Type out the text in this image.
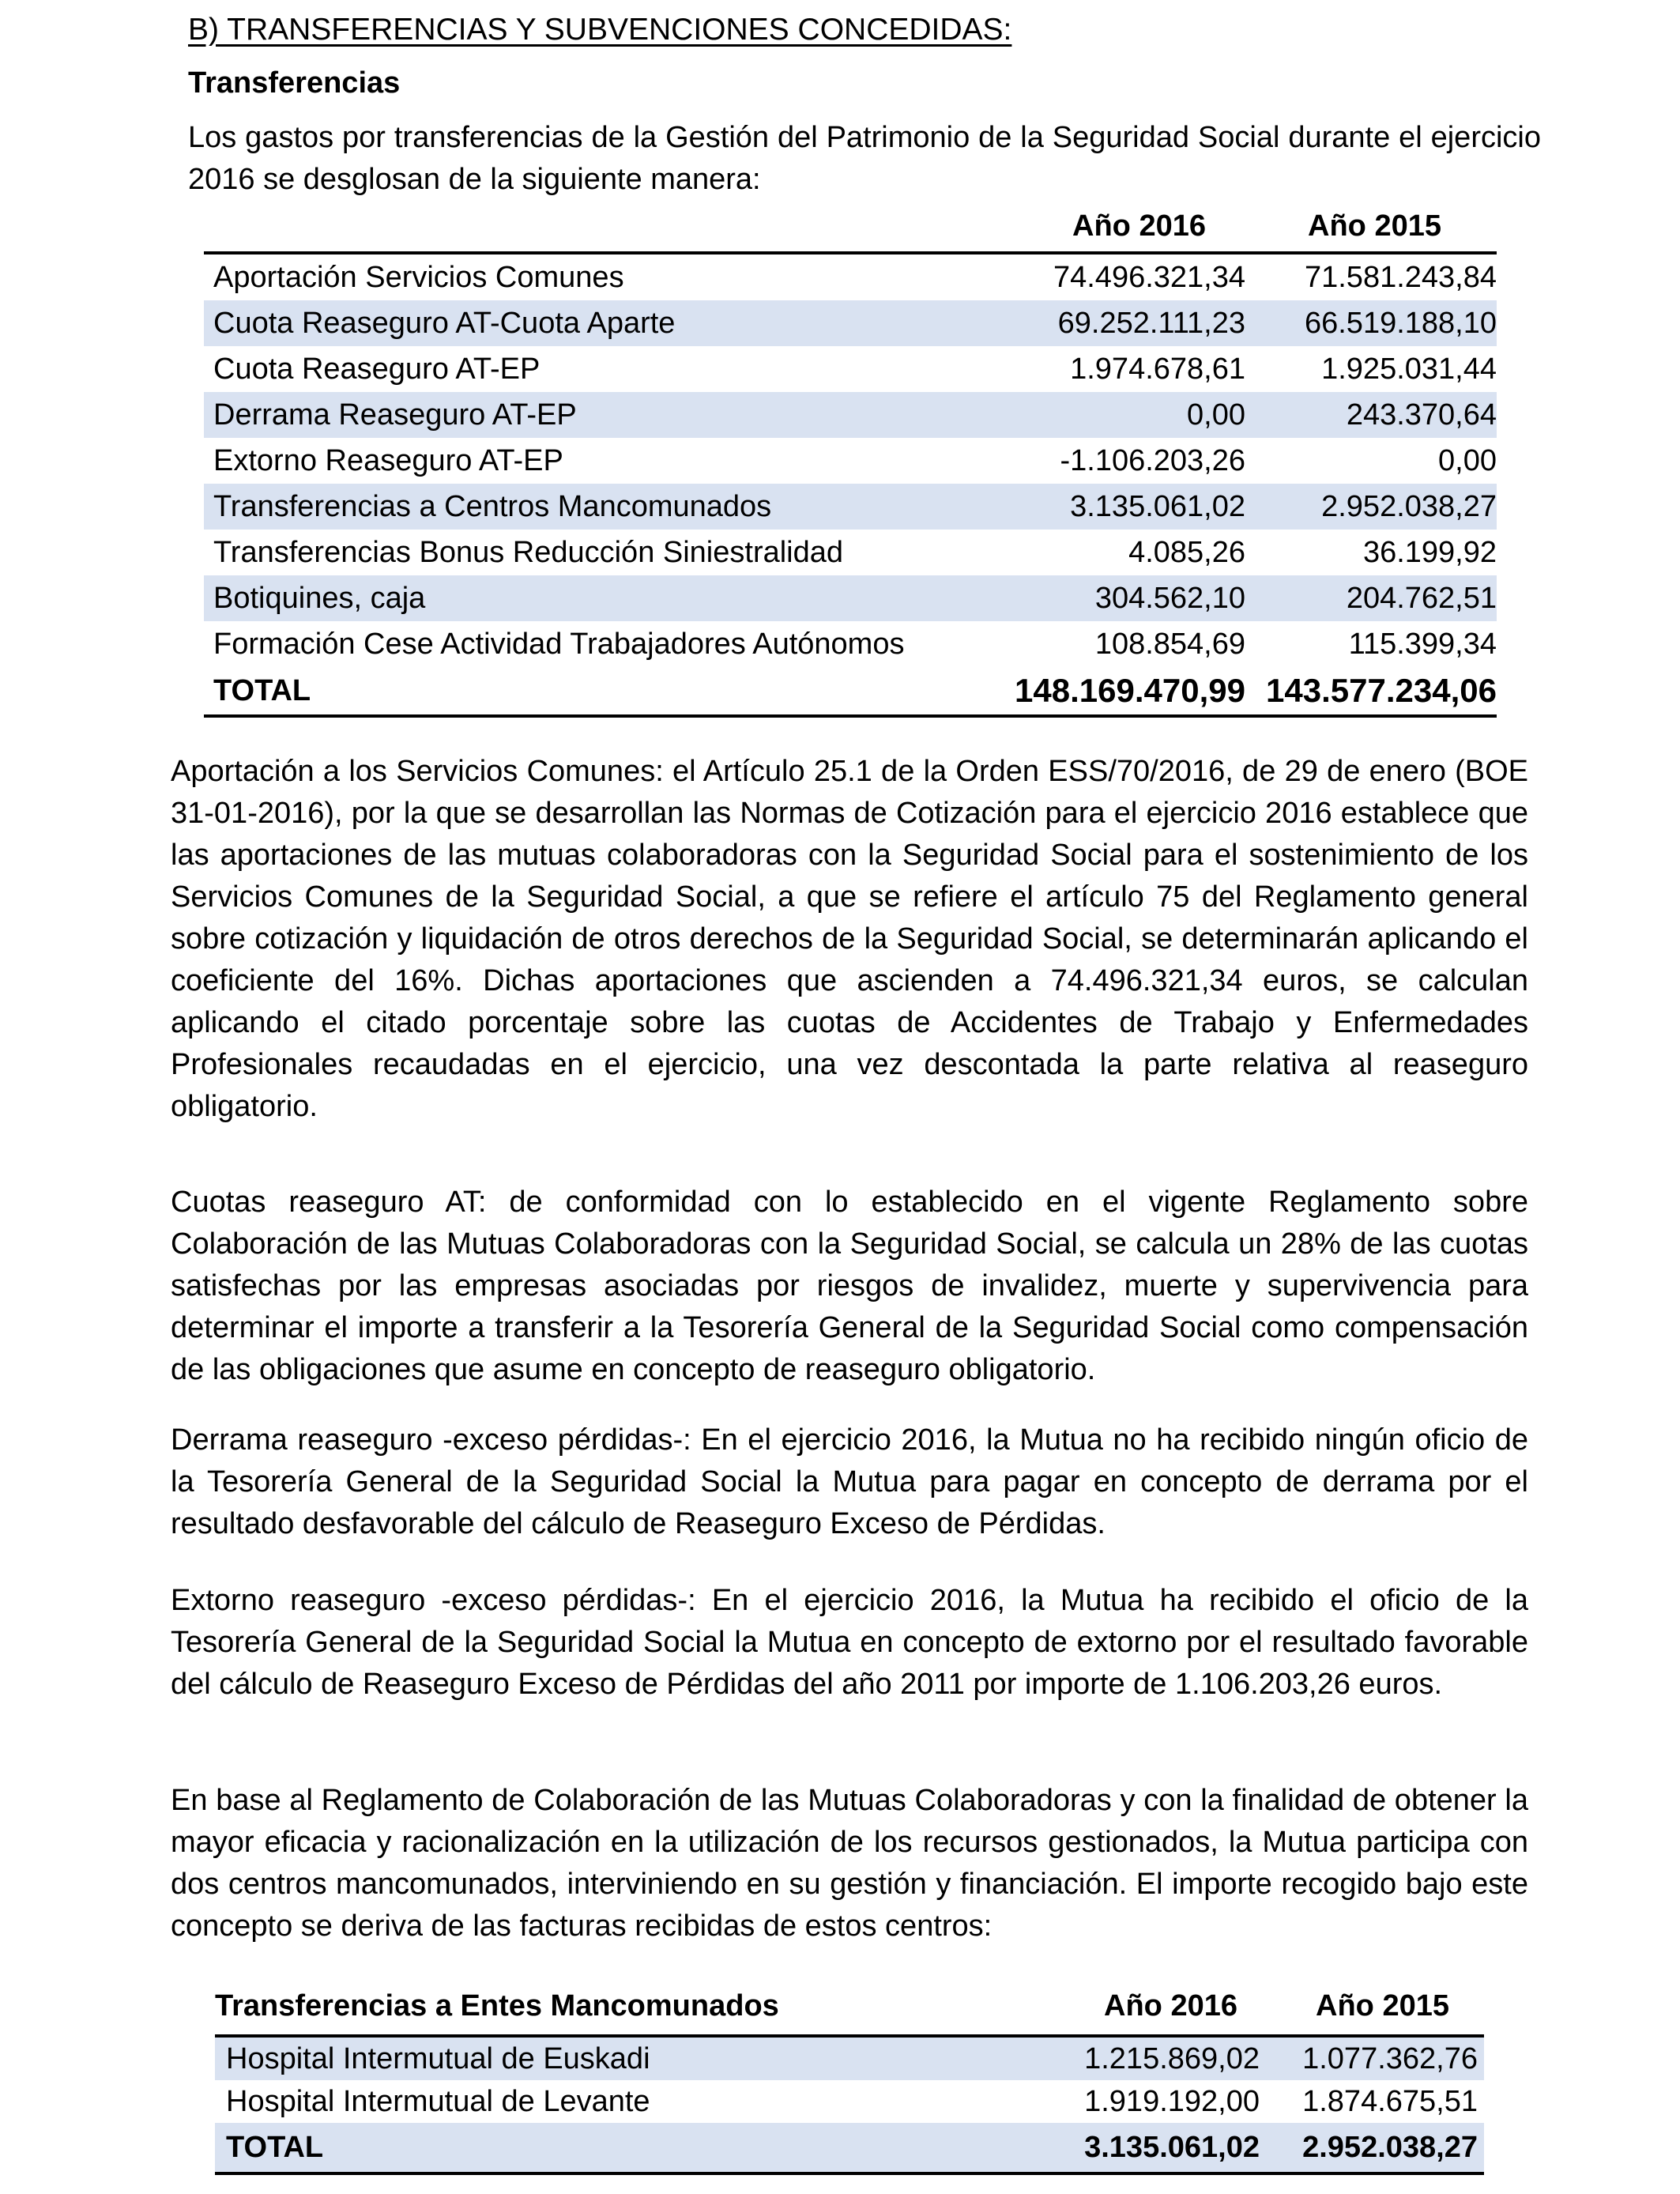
B) TRANSFERENCIAS Y SUBVENCIONES CONCEDIDAS:
Transferencias

Los gastos por transferencias de la Gestión del Patrimonio de la Seguridad Social durante el ejercicio 2016 se desglosan de la siguiente manera:

	Año 2016	Año 2015
Aportación Servicios Comunes	74.496.321,34	71.581.243,84
Cuota Reaseguro AT-Cuota Aparte	69.252.111,23	66.519.188,10
Cuota Reaseguro AT-EP	1.974.678,61	1.925.031,44
Derrama Reaseguro AT-EP	0,00	243.370,64
Extorno Reaseguro AT-EP	-1.106.203,26	0,00
Transferencias a Centros Mancomunados	3.135.061,02	2.952.038,27
Transferencias Bonus Reducción Siniestralidad	4.085,26	36.199,92
Botiquines, caja	304.562,10	204.762,51
Formación Cese Actividad Trabajadores Autónomos	108.854,69	115.399,34
TOTAL	148.169.470,99	143.577.234,06

Aportación a los Servicios Comunes: el Artículo 25.1 de la Orden ESS/70/2016, de 29 de enero (BOE 31-01-2016), por la que se desarrollan las Normas de Cotización para el ejercicio 2016 establece que las aportaciones de las mutuas colaboradoras con la Seguridad Social para el sostenimiento de los Servicios Comunes de la Seguridad Social, a que se refiere el artículo 75 del Reglamento general sobre cotización y liquidación de otros derechos de la Seguridad Social, se determinarán aplicando el coeficiente del 16%. Dichas aportaciones que ascienden a 74.496.321,34 euros, se calculan aplicando el citado porcentaje sobre las cuotas de Accidentes de Trabajo y Enfermedades Profesionales recaudadas en el ejercicio, una vez descontada la parte relativa al reaseguro obligatorio.

Cuotas reaseguro AT: de conformidad con lo establecido en el vigente Reglamento sobre Colaboración de las Mutuas Colaboradoras con la Seguridad Social, se calcula un 28% de las cuotas satisfechas por las empresas asociadas por riesgos de invalidez, muerte y supervivencia para determinar el importe a transferir a la Tesorería General de la Seguridad Social como compensación de las obligaciones que asume en concepto de reaseguro obligatorio.

Derrama reaseguro -exceso pérdidas-: En el ejercicio 2016, la Mutua no ha recibido ningún oficio de la Tesorería General de la Seguridad Social la Mutua para pagar en concepto de derrama por el resultado desfavorable del cálculo de Reaseguro Exceso de Pérdidas.

Extorno reaseguro -exceso pérdidas-: En el ejercicio 2016, la Mutua ha recibido el oficio de la Tesorería General de la Seguridad Social la Mutua en concepto de extorno por el resultado favorable del cálculo de Reaseguro Exceso de Pérdidas del año 2011 por importe de 1.106.203,26 euros.

En base al Reglamento de Colaboración de las Mutuas Colaboradoras y con la finalidad de obtener la mayor eficacia y racionalización en la utilización de los recursos gestionados, la Mutua participa con dos centros mancomunados, interviniendo en su gestión y financiación. El importe recogido bajo este concepto se deriva de las facturas recibidas de estos centros:

Transferencias a Entes Mancomunados	Año 2016	Año 2015
Hospital Intermutual de Euskadi	1.215.869,02	1.077.362,76
Hospital Intermutual de Levante	1.919.192,00	1.874.675,51
TOTAL	3.135.061,02	2.952.038,27
